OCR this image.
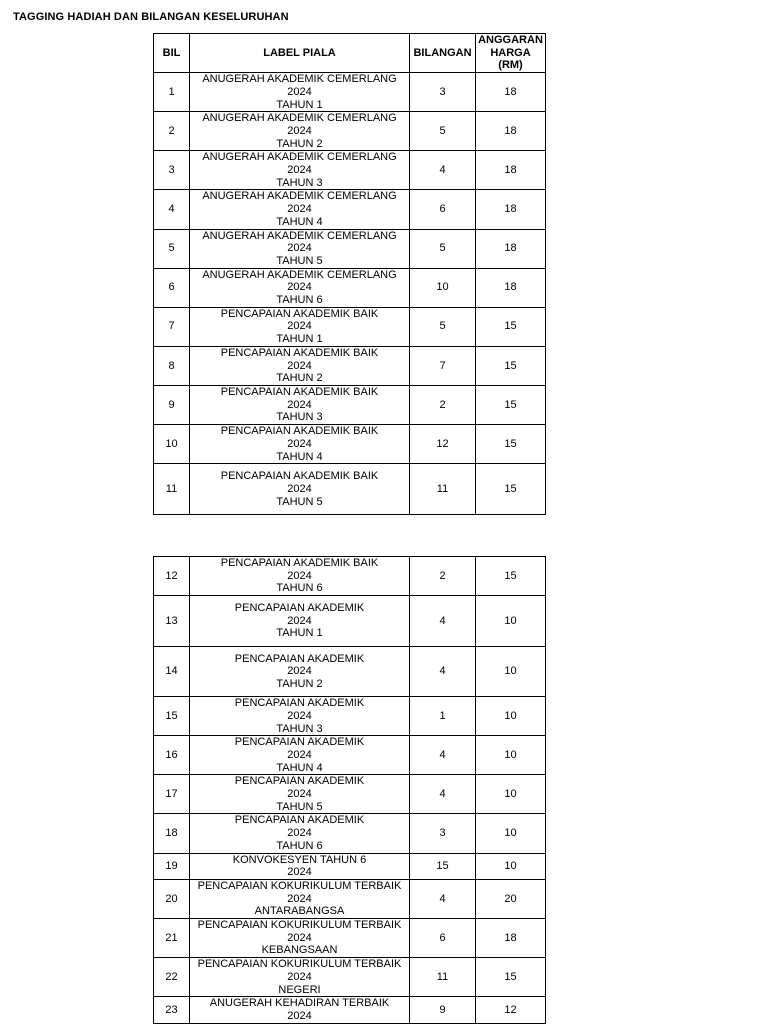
TAGGING HADIAH DAN BILANGAN KESELURUHAN
BIL	LABEL PIALA	BILANGAN	ANGGARAN
HARGA
(RM)

1	ANUGERAH AKADEMIK CEMERLANG
2024
TAHUN 1	3	18
2	ANUGERAH AKADEMIK CEMERLANG
2024
TAHUN 2	5	18
3	ANUGERAH AKADEMIK CEMERLANG
2024
TAHUN 3	4	18
4	ANUGERAH AKADEMIK CEMERLANG
2024
TAHUN 4	6	18
5	ANUGERAH AKADEMIK CEMERLANG
2024
TAHUN 5	5	18
6	ANUGERAH AKADEMIK CEMERLANG
2024
TAHUN 6	10	18
7	PENCAPAIAN AKADEMIK BAIK
2024
TAHUN 1	5	15
8	PENCAPAIAN AKADEMIK BAIK
2024
TAHUN 2	7	15
9	PENCAPAIAN AKADEMIK BAIK
2024
TAHUN 3	2	15
10	PENCAPAIAN AKADEMIK BAIK
2024
TAHUN 4	12	15
11	PENCAPAIAN AKADEMIK BAIK
2024
TAHUN 5	11	15
12	PENCAPAIAN AKADEMIK BAIK
2024
TAHUN 6	2	15
13	PENCAPAIAN AKADEMIK
2024
TAHUN 1	4	10
14	PENCAPAIAN AKADEMIK
2024
TAHUN 2	4	10
15	PENCAPAIAN AKADEMIK
2024
TAHUN 3	1	10
16	PENCAPAIAN AKADEMIK
2024
TAHUN 4	4	10
17	PENCAPAIAN AKADEMIK
2024
TAHUN 5	4	10
18	PENCAPAIAN AKADEMIK
2024
TAHUN 6	3	10
19	KONVOKESYEN TAHUN 6
2024	15	10
20	PENCAPAIAN KOKURIKULUM TERBAIK
2024
ANTARABANGSA	4	20
21	PENCAPAIAN KOKURIKULUM TERBAIK
2024
KEBANGSAAN	6	18
22	PENCAPAIAN KOKURIKULUM TERBAIK
2024
NEGERI	11	15
23	ANUGERAH KEHADIRAN TERBAIK
2024	9	12
